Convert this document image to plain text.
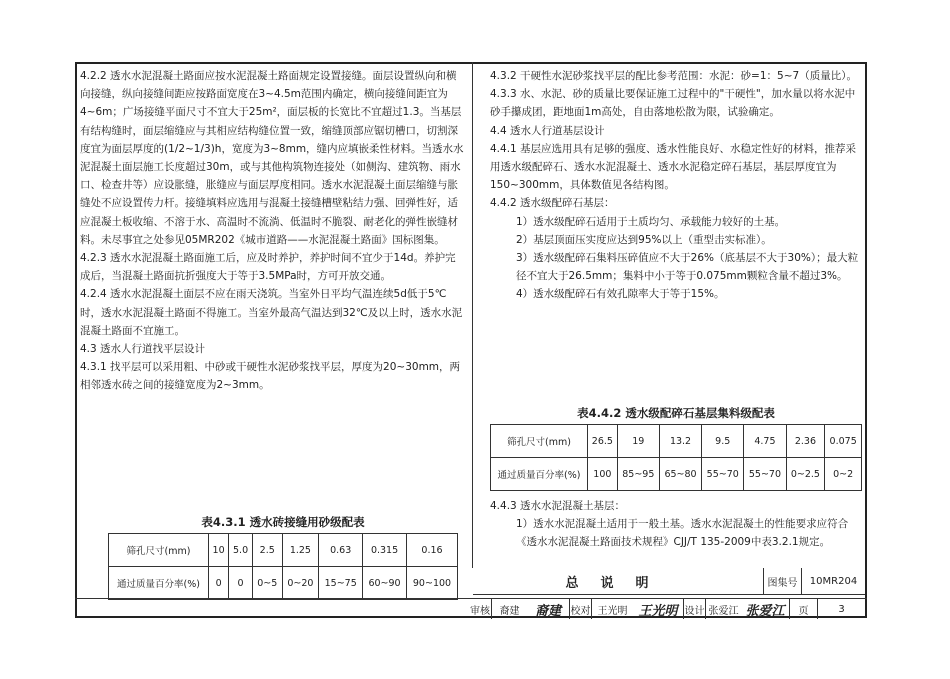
4.2.2 透水水泥混凝土路面应按水泥混凝土路面规定设置接缝。面层设置纵向和横向接缝，纵向接缝间距应按路面宽度在3~4.5m范围内确定，横向接缝间距宜为4~6m；广场接缝平面尺寸不宜大于25m²，面层板的长宽比不宜超过1.3。当基层有结构缝时，面层缩缝应与其相应结构缝位置一致，缩缝顶部应锯切槽口，切割深度宜为面层厚度的(1/2~1/3)h，宽度为3~8mm，缝内应填嵌柔性材料。当透水水泥混凝土面层施工长度超过30m，或与其他构筑物连接处（如侧沟、建筑物、雨水口、检查井等）应设胀缝，胀缝应与面层厚度相同。透水水泥混凝土面层缩缝与胀缝处不应设置传力杆。接缝填料应选用与混凝土接缝槽壁粘结力强、回弹性好，适应混凝土板收缩、不溶于水、高温时不流淌、低温时不脆裂、耐老化的弹性嵌缝材料。未尽事宜之处参见05MR202《城市道路——水泥混凝土路面》国标图集。

4.2.3 透水水泥混凝土路面施工后，应及时养护，养护时间不宜少于14d。养护完成后，当混凝土路面抗折强度大于等于3.5MPa时，方可开放交通。

4.2.4 透水水泥混凝土面层不应在雨天浇筑。当室外日平均气温连续5d低于5℃时，透水水泥混凝土路面不得施工。当室外最高气温达到32℃及以上时，透水水泥混凝土路面不宜施工。

4.3 透水人行道找平层设计

4.3.1 找平层可以采用粗、中砂或干硬性水泥砂浆找平层，厚度为20~30mm，两相邻透水砖之间的接缝宽度为2~3mm。

表4.3.1 透水砖接缝用砂级配表
筛孔尺寸(mm)	10	5.0	2.5	1.25	0.63	0.315	0.16
通过质量百分率(%)	0	0	0~5	0~20	15~75	60~90	90~100

4.3.2 干硬性水泥砂浆找平层的配比参考范围：水泥：砂=1：5~7（质量比）。

4.3.3 水、水泥、砂的质量比要保证施工过程中的"干硬性"，加水量以将水泥中砂手攥成团，距地面1m高处，自由落地松散为限，试验确定。

4.4 透水人行道基层设计

4.4.1 基层应选用具有足够的强度、透水性能良好、水稳定性好的材料，推荐采用透水级配碎石、透水水泥混凝土、透水水泥稳定碎石基层，基层厚度宜为150~300mm，具体数值见各结构图。

4.4.2 透水级配碎石基层：

1）透水级配碎石适用于土质均匀、承载能力较好的土基。

2）基层顶面压实度应达到95%以上（重型击实标准）。

3）透水级配碎石集料压碎值应不大于26%（底基层不大于30%）；最大粒径不宜大于26.5mm；集料中小于等于0.075mm颗粒含量不超过3%。

4）透水级配碎石有效孔隙率大于等于15%。

表4.4.2 透水级配碎石基层集料级配表
筛孔尺寸(mm)	26.5	19	13.2	9.5	4.75	2.36	0.075
通过质量百分率(%)	100	85~95	65~80	55~70	55~70	0~2.5	0~2

4.4.3 透水水泥混凝土基层：

1）透水水泥混凝土适用于一般土基。透水水泥混凝土的性能要求应符合《透水水泥混凝土路面技术规程》CJJ/T 135-2009中表3.2.1规定。

总说明	图集号	10MR204
审核 裔建	裔建 校对 王光明 王光明 设计 张爱江 张爱江	页	3
